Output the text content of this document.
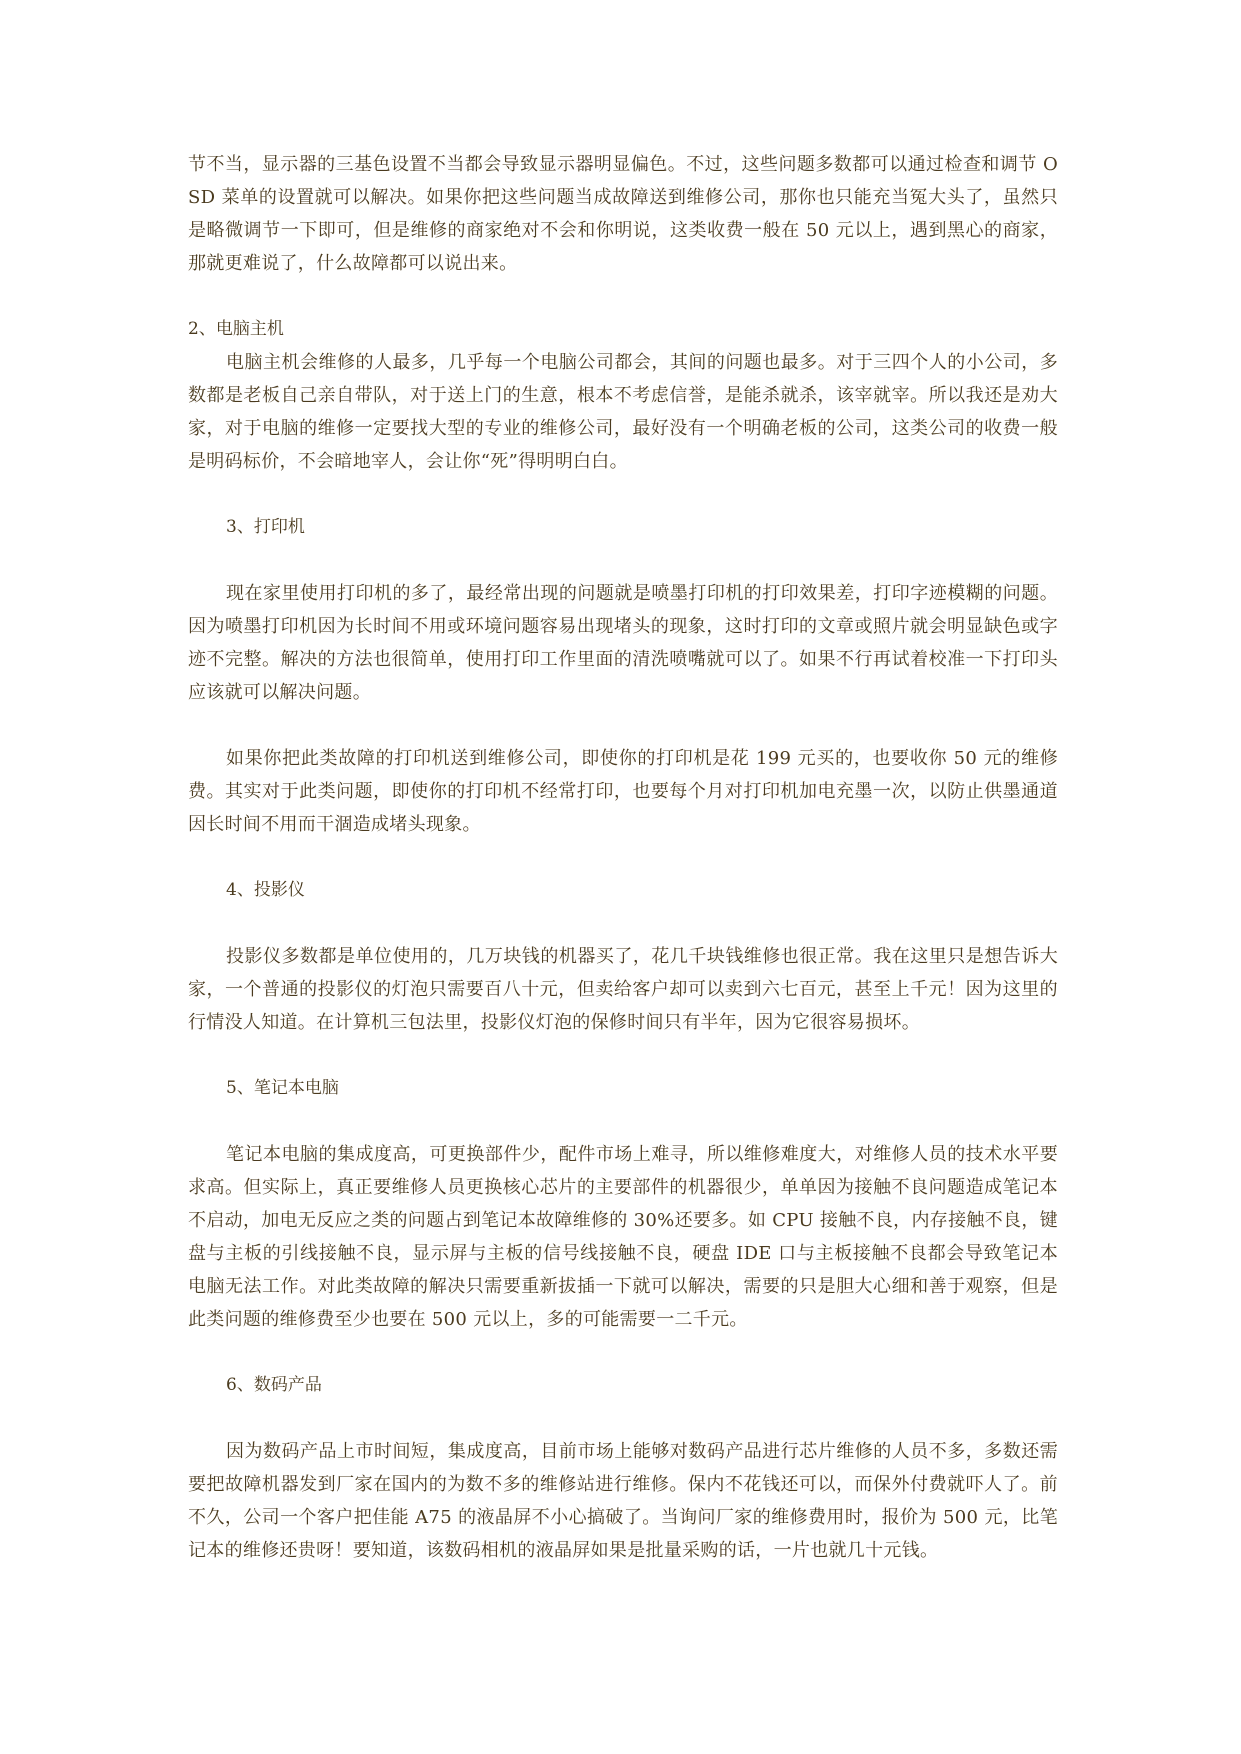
节不当，显示器的三基色设置不当都会导致显示器明显偏色。不过，这些问题多数都可以通过检查和调节 OSD 菜单的设置就可以解决。如果你把这些问题当成故障送到维修公司，那你也只能充当冤大头了，虽然只是略微调节一下即可，但是维修的商家绝对不会和你明说，这类收费一般在 50 元以上，遇到黑心的商家，那就更难说了，什么故障都可以说出来。

2、电脑主机

电脑主机会维修的人最多，几乎每一个电脑公司都会，其间的问题也最多。对于三四个人的小公司，多数都是老板自己亲自带队，对于送上门的生意，根本不考虑信誉，是能杀就杀，该宰就宰。所以我还是劝大家，对于电脑的维修一定要找大型的专业的维修公司，最好没有一个明确老板的公司，这类公司的收费一般是明码标价，不会暗地宰人，会让你“死”得明明白白。

3、打印机

现在家里使用打印机的多了，最经常出现的问题就是喷墨打印机的打印效果差，打印字迹模糊的问题。因为喷墨打印机因为长时间不用或环境问题容易出现堵头的现象，这时打印的文章或照片就会明显缺色或字迹不完整。解决的方法也很简单，使用打印工作里面的清洗喷嘴就可以了。如果不行再试着校准一下打印头应该就可以解决问题。

如果你把此类故障的打印机送到维修公司，即使你的打印机是花 199 元买的，也要收你 50 元的维修费。其实对于此类问题，即使你的打印机不经常打印，也要每个月对打印机加电充墨一次，以防止供墨通道因长时间不用而干涸造成堵头现象。

4、投影仪

投影仪多数都是单位使用的，几万块钱的机器买了，花几千块钱维修也很正常。我在这里只是想告诉大家，一个普通的投影仪的灯泡只需要百八十元，但卖给客户却可以卖到六七百元，甚至上千元！因为这里的行情没人知道。在计算机三包法里，投影仪灯泡的保修时间只有半年，因为它很容易损坏。

5、笔记本电脑

笔记本电脑的集成度高，可更换部件少，配件市场上难寻，所以维修难度大，对维修人员的技术水平要求高。但实际上，真正要维修人员更换核心芯片的主要部件的机器很少，单单因为接触不良问题造成笔记本不启动，加电无反应之类的问题占到笔记本故障维修的 30%还要多。如 CPU 接触不良，内存接触不良，键盘与主板的引线接触不良，显示屏与主板的信号线接触不良，硬盘 IDE 口与主板接触不良都会导致笔记本电脑无法工作。对此类故障的解决只需要重新拔插一下就可以解决，需要的只是胆大心细和善于观察，但是此类问题的维修费至少也要在 500 元以上，多的可能需要一二千元。

6、数码产品

因为数码产品上市时间短，集成度高，目前市场上能够对数码产品进行芯片维修的人员不多，多数还需要把故障机器发到厂家在国内的为数不多的维修站进行维修。保内不花钱还可以，而保外付费就吓人了。前不久，公司一个客户把佳能 A75 的液晶屏不小心搞破了。当询问厂家的维修费用时，报价为 500 元，比笔记本的维修还贵呀！要知道，该数码相机的液晶屏如果是批量采购的话，一片也就几十元钱。
